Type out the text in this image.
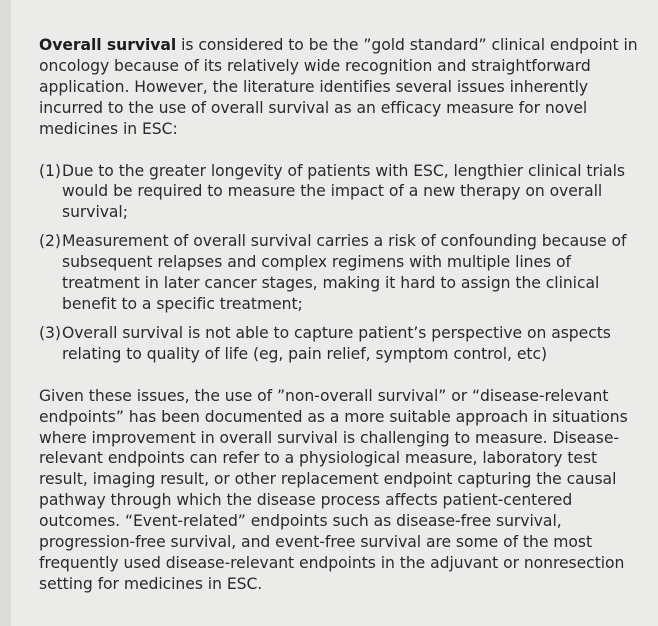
Overall survival is considered to be the ”gold standard” clinical endpoint in oncology because of its relatively wide recognition and straightforward application. However, the literature identifies several issues inherently incurred to the use of overall survival as an efficacy measure for novel medicines in ESC:

(1) Due to the greater longevity of patients with ESC, lengthier clinical trials would be required to measure the impact of a new therapy on overall survival;
(2) Measurement of overall survival carries a risk of confounding because of subsequent relapses and complex regimens with multiple lines of treatment in later cancer stages, making it hard to assign the clinical benefit to a specific treatment;
(3) Overall survival is not able to capture patient’s perspective on aspects relating to quality of life (eg, pain relief, symptom control, etc)

Given these issues, the use of ”non-overall survival” or “disease-relevant endpoints” has been documented as a more suitable approach in situations where improvement in overall survival is challenging to measure. Disease-relevant endpoints can refer to a physiological measure, laboratory test result, imaging result, or other replacement endpoint capturing the causal pathway through which the disease process affects patient-centered outcomes. “Event-related” endpoints such as disease-free survival, progression-free survival, and event-free survival are some of the most frequently used disease-relevant endpoints in the adjuvant or nonresection setting for medicines in ESC.
